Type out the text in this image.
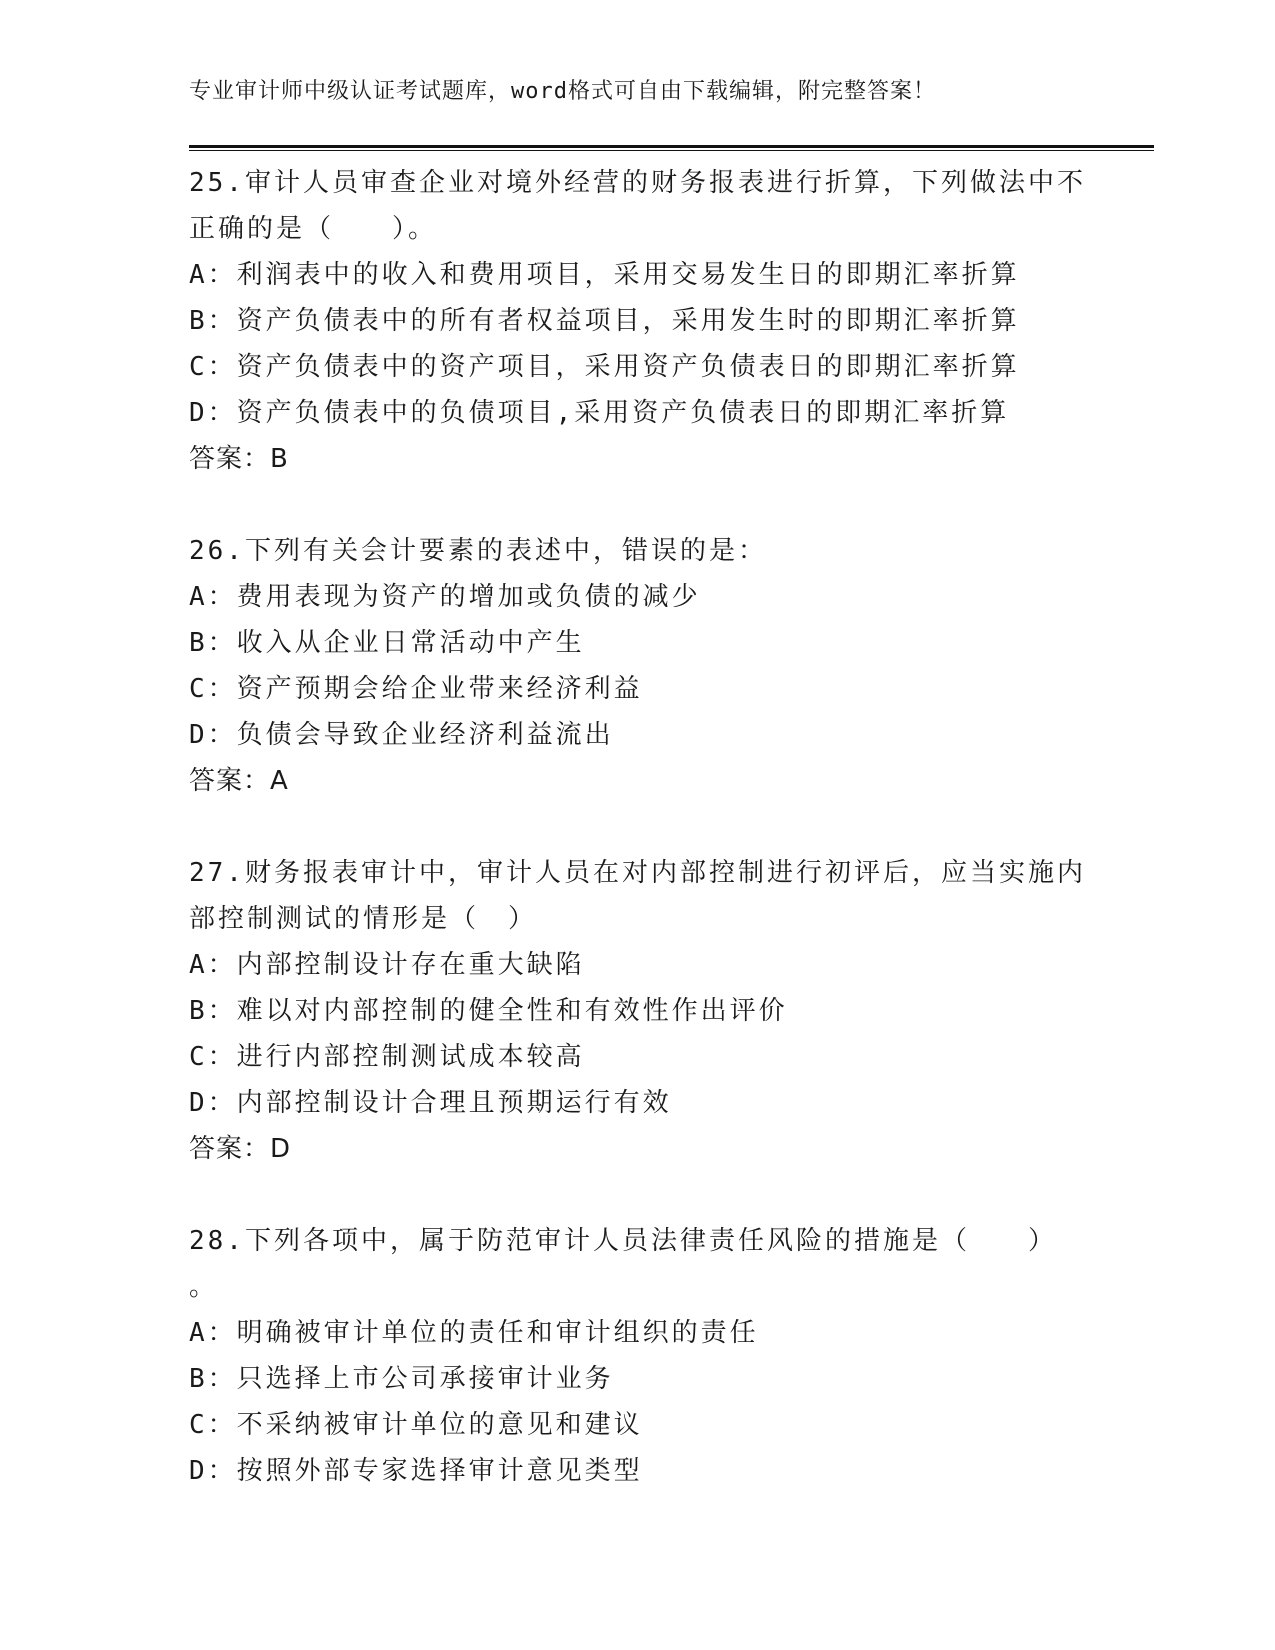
专业审计师中级认证考试题库，word格式可自由下载编辑，附完整答案！
25.审计人员审查企业对境外经营的财务报表进行折算，下列做法中不
正确的是（　　）。
A：利润表中的收入和费用项目，采用交易发生日的即期汇率折算
B：资产负债表中的所有者权益项目，采用发生时的即期汇率折算
C：资产负债表中的资产项目，采用资产负债表日的即期汇率折算
D：资产负债表中的负债项目,采用资产负债表日的即期汇率折算
答案：B
26.下列有关会计要素的表述中，错误的是：
A：费用表现为资产的增加或负债的减少
B：收入从企业日常活动中产生
C：资产预期会给企业带来经济利益
D：负债会导致企业经济利益流出
答案：A
27.财务报表审计中，审计人员在对内部控制进行初评后，应当实施内
部控制测试的情形是（　）
A：内部控制设计存在重大缺陷
B：难以对内部控制的健全性和有效性作出评价
C：进行内部控制测试成本较高
D：内部控制设计合理且预期运行有效
答案：D
28.下列各项中，属于防范审计人员法律责任风险的措施是（　　）
。
A：明确被审计单位的责任和审计组织的责任
B：只选择上市公司承接审计业务
C：不采纳被审计单位的意见和建议
D：按照外部专家选择审计意见类型
